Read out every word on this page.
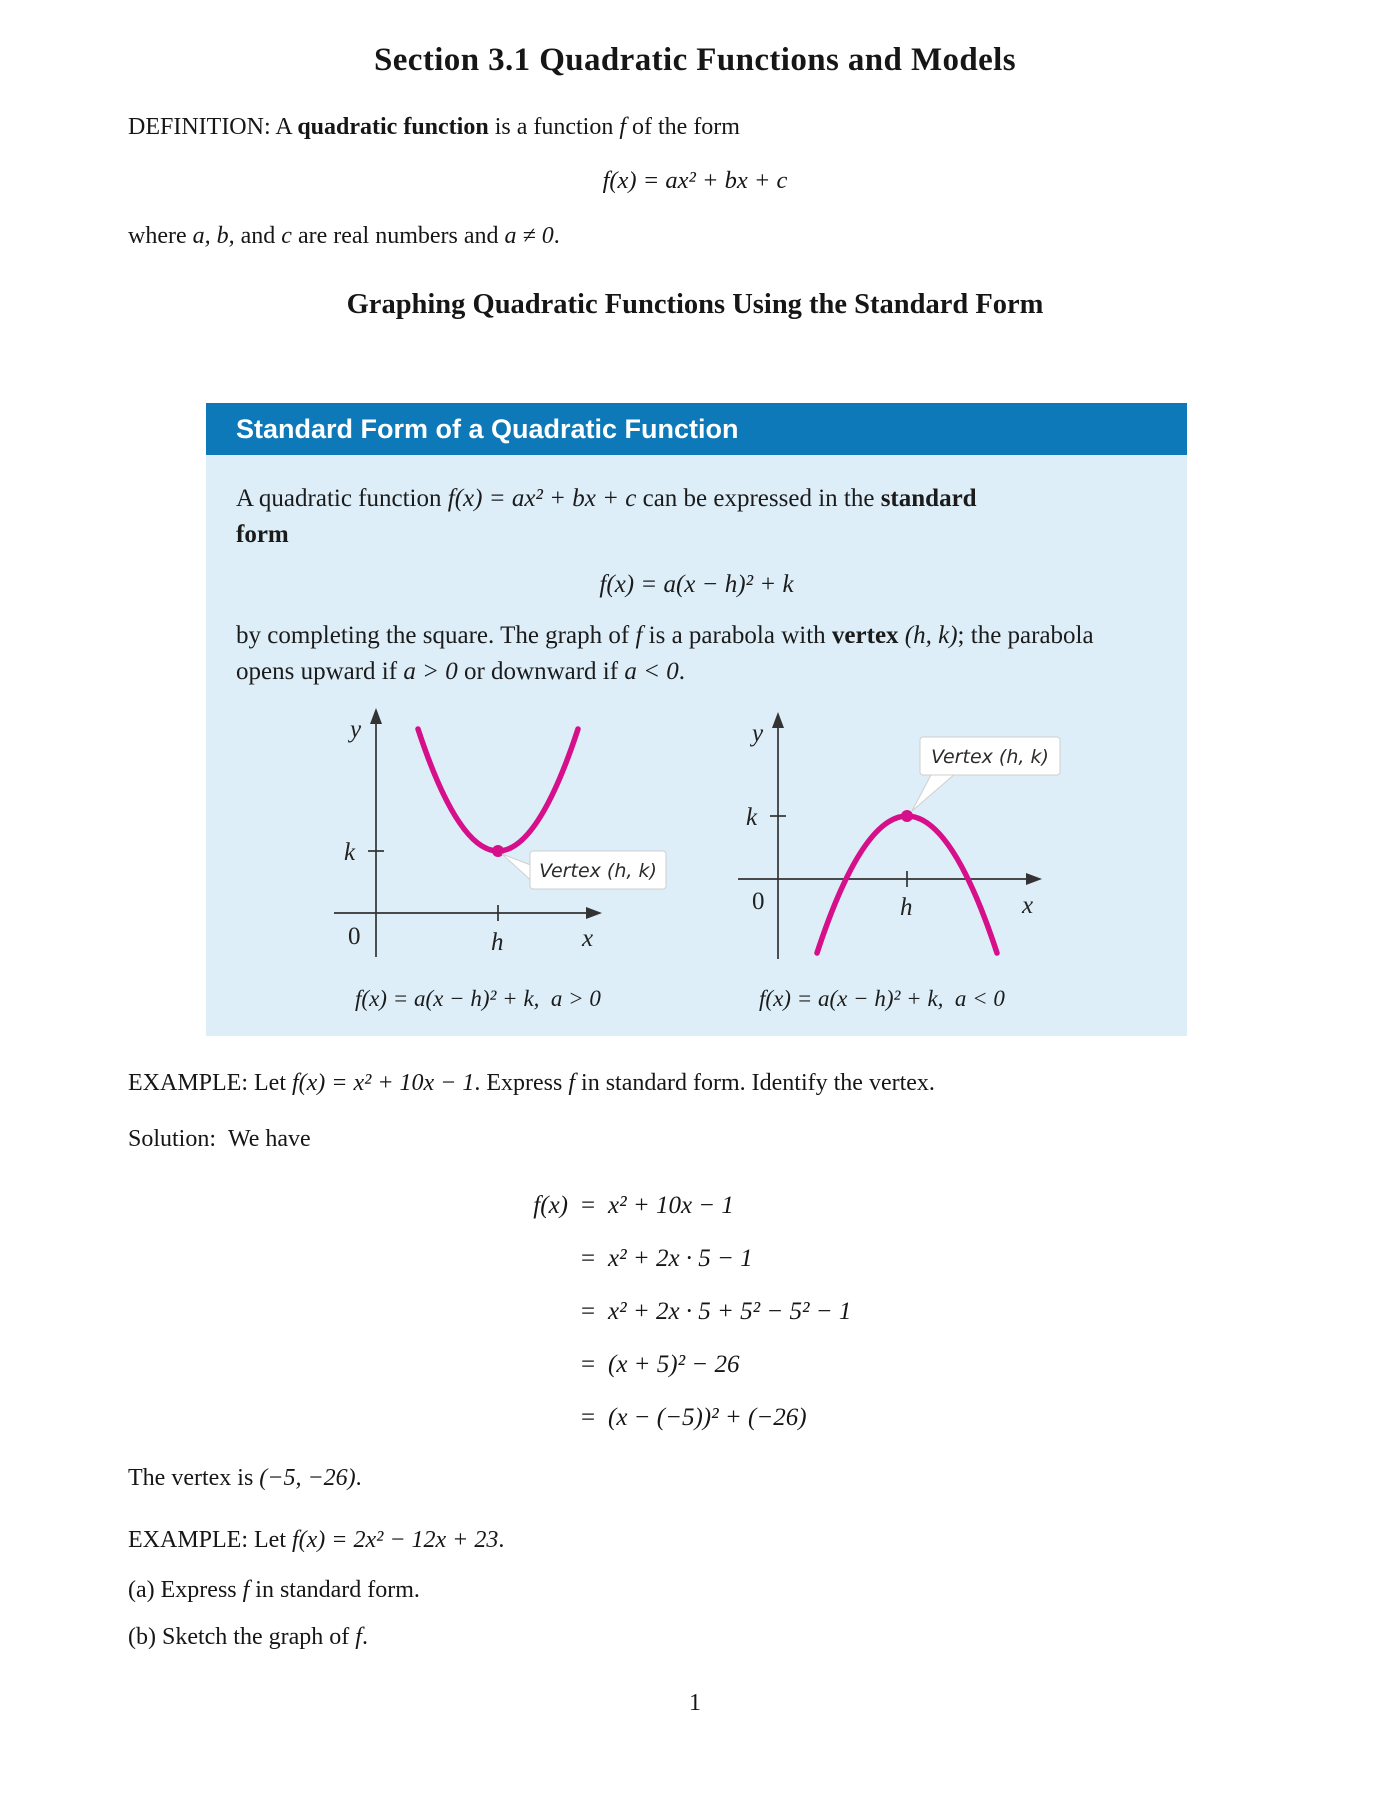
Section 3.1 Quadratic Functions and Models

DEFINITION: A quadratic function is a function f of the form

f(x) = ax² + bx + c

where a, b, and c are real numbers and a ≠ 0.

Graphing Quadratic Functions Using the Standard Form
Standard Form of a Quadratic Function
A quadratic function f(x) = ax² + bx + c can be expressed in the standard
form
f(x) = a(x − h)² + k
by completing the square. The graph of f is a parabola with vertex (h, k); the parabola opens upward if a > 0 or downward if a < 0.
Vertex (h, k)
y
k
0	h	x
f(x) = a(x − h)² + k, a > 0
Vertex (h, k)
y
k
0	h	x
f(x) = a(x − h)² + k, a < 0

EXAMPLE: Let f(x) = x² + 10x − 1. Express f in standard form. Identify the vertex.

Solution: We have

f(x) = x² + 10x − 1
= x² + 2x · 5 − 1
= x² + 2x · 5 + 5² − 5² − 1
= (x + 5)² − 26
= (x − (−5))² + (−26)

The vertex is (−5, −26).

EXAMPLE: Let f(x) = 2x² − 12x + 23.

(a) Express f in standard form.

(b) Sketch the graph of f.

1
